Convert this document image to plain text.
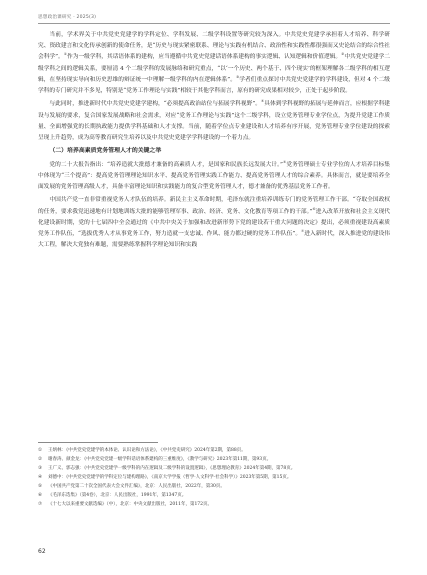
思想政治课研究 · 2025(3)

当前，学术界关于中共党史党建学的学科定位、学科发展、二级学科设置等研究较为深入。中共党史党建学承担着人才培养、科学研究、资政建言和文化传承创新的使命任务，是“历史与现实紧密联系、理论与实践有机结合、政治性和实践性都很强而又史论结合的综合性社会科学”。①作为一级学科，其话语体系的建构，应当遵循中共党史党建话语体系建构的事实逻辑、认知逻辑和价值逻辑。②中共党史党建学二级学科之间的逻辑关系，要厘清 4 个二级学科的发展脉络和研究重点，“以‘一个历史、两个基于、四个现实’的框架理解各二级学科的相互逻辑，在坚持现实导向和历史思维的辩证统一中理解一级学科的内在逻辑体系”。③学者们重点探讨中共党史党建学的学科建设，但对 4 个二级学科的专门研究并不多见，特别是“党务工作理论与实践”相较于其他学科而言，原有的研究成果相对较少，正处于起步阶段。

与此同时，推进新时代中共党史党建学建构，“必须提高政治站位与拓展学科视野”。④具体到学科视野的拓展与延伸而言，应根据学科建设与发展的要求，复合国家发展战略和社会需求，对应“党务工作理论与实践”这个二级学科，设立党务管理专业学位点，为提升党建工作质量、全面增强党的长期执政能力提供学科基础和人才支撑。当前，随着学位点专业建设和人才培养有序开展，党务管理专业学位建设的探索呈现上升趋势，成为高等教育研究生培养以及中共党史党建学学科建设的一个着力点。

（二）培养高素质党务管理人才的关键之举

党的二十大报告指出：“培养造就大批德才兼备的高素质人才，是国家和民族长远发展大计。”⑤党务管理硕士专业学位的人才培养目标集中体现为“三个提高”：提高党务管理理论知识水平、提高党务管理实践工作能力、提高党务管理人才的综合素养。具体而言，就是要培养全面发展的党务管理高级人才，具备丰富理论知识和实践能力的复合型党务管理人才，德才兼备的优秀基层党务工作者。

中国共产党一直非常重视党务人才队伍的培养。新民主主义革命时期，毛泽东就注重培养训练专门的党务管理工作干部。“夺取全国政权的任务，要求我党迅速地有计划地训练大批的能够管理军事、政治、经济、党务、文化教育等项工作的干部。”⑥进入改革开放和社会主义现代化建设新时期，党的十七届四中全会通过的《中共中央关于加强和改进新形势下党的建设若干重大问题的决定》提出，必须重视建设高素质党务工作队伍，“选拔优秀人才从事党务工作，努力造就一支忠诚、作风、能力都过硬的党务工作队伍”。⑦进入新时代，深入推进党的建设伟大工程，解决大党独有难题，需要熟练掌握科学理论知识和实践

① 王炳林：《中共党史党建学的本体论、认识论和方法论》，《中共党史研究》2024年第2期，第88页。

② 谢春涛、颜金龙：《中共党史党建一级学科话语体系建构的三重维度》，《教学与研究》2023年第11期，第93页。

③ 王广义、郭志强：《中共党史党建学一级学科的内在逻辑及二级学科的设置逻辑》，《思想理论教育》2024年第4期，第78页。

④ 刘德中：《中共党史党建学的学科定位与建构理路》，《南京大学学报（哲学·人文科学·社会科学）》2023年第5期，第15页。

⑤ 《中国共产党第二十次全国代表大会文件汇编》，北京：人民出版社，2022年，第30页。

⑥ 《毛泽东选集》（第4卷），北京：人民出版社，1991年，第1347页。

⑦ 《十七大以来重要文献选编》（中），北京：中央文献出版社，2011年，第172页。

62
